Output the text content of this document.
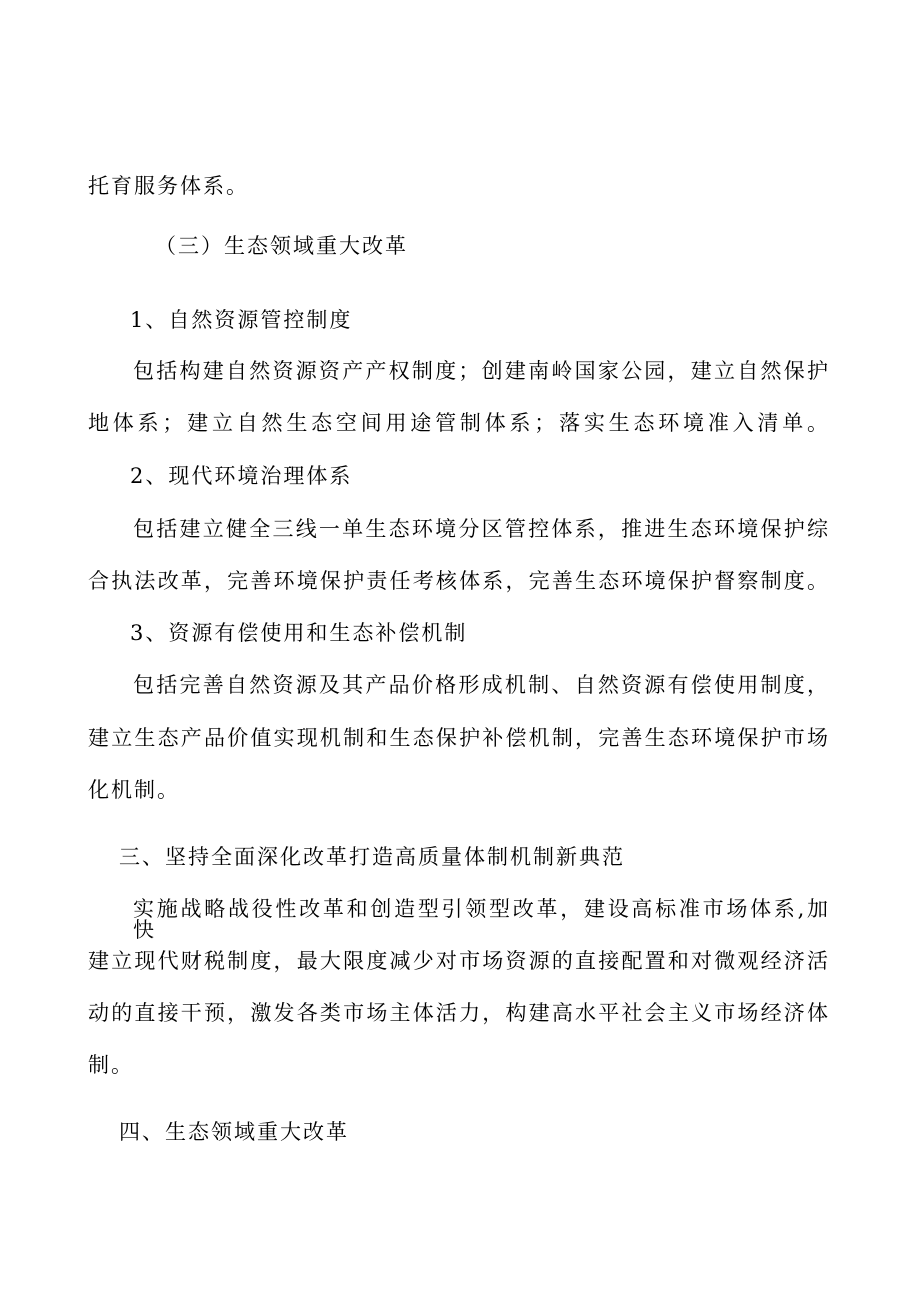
托育服务体系。

（三）生态领域重大改革

1、自然资源管控制度

包括构建自然资源资产产权制度；创建南岭国家公园，建立自然保护

地体系；建立自然生态空间用途管制体系；落实生态环境准入清单。

2、现代环境治理体系

包括建立健全三线一单生态环境分区管控体系，推进生态环境保护综

合执法改革，完善环境保护责任考核体系，完善生态环境保护督察制度。

3、资源有偿使用和生态补偿机制

包括完善自然资源及其产品价格形成机制、自然资源有偿使用制度，

建立生态产品价值实现机制和生态保护补偿机制，完善生态环境保护市场

化机制。

三、坚持全面深化改革打造高质量体制机制新典范

实施战略战役性改革和创造型引领型改革，建设高标准市场体系,加快

建立现代财税制度，最大限度减少对市场资源的直接配置和对微观经济活

动的直接干预，激发各类市场主体活力，构建高水平社会主义市场经济体

制。

四、生态领域重大改革
